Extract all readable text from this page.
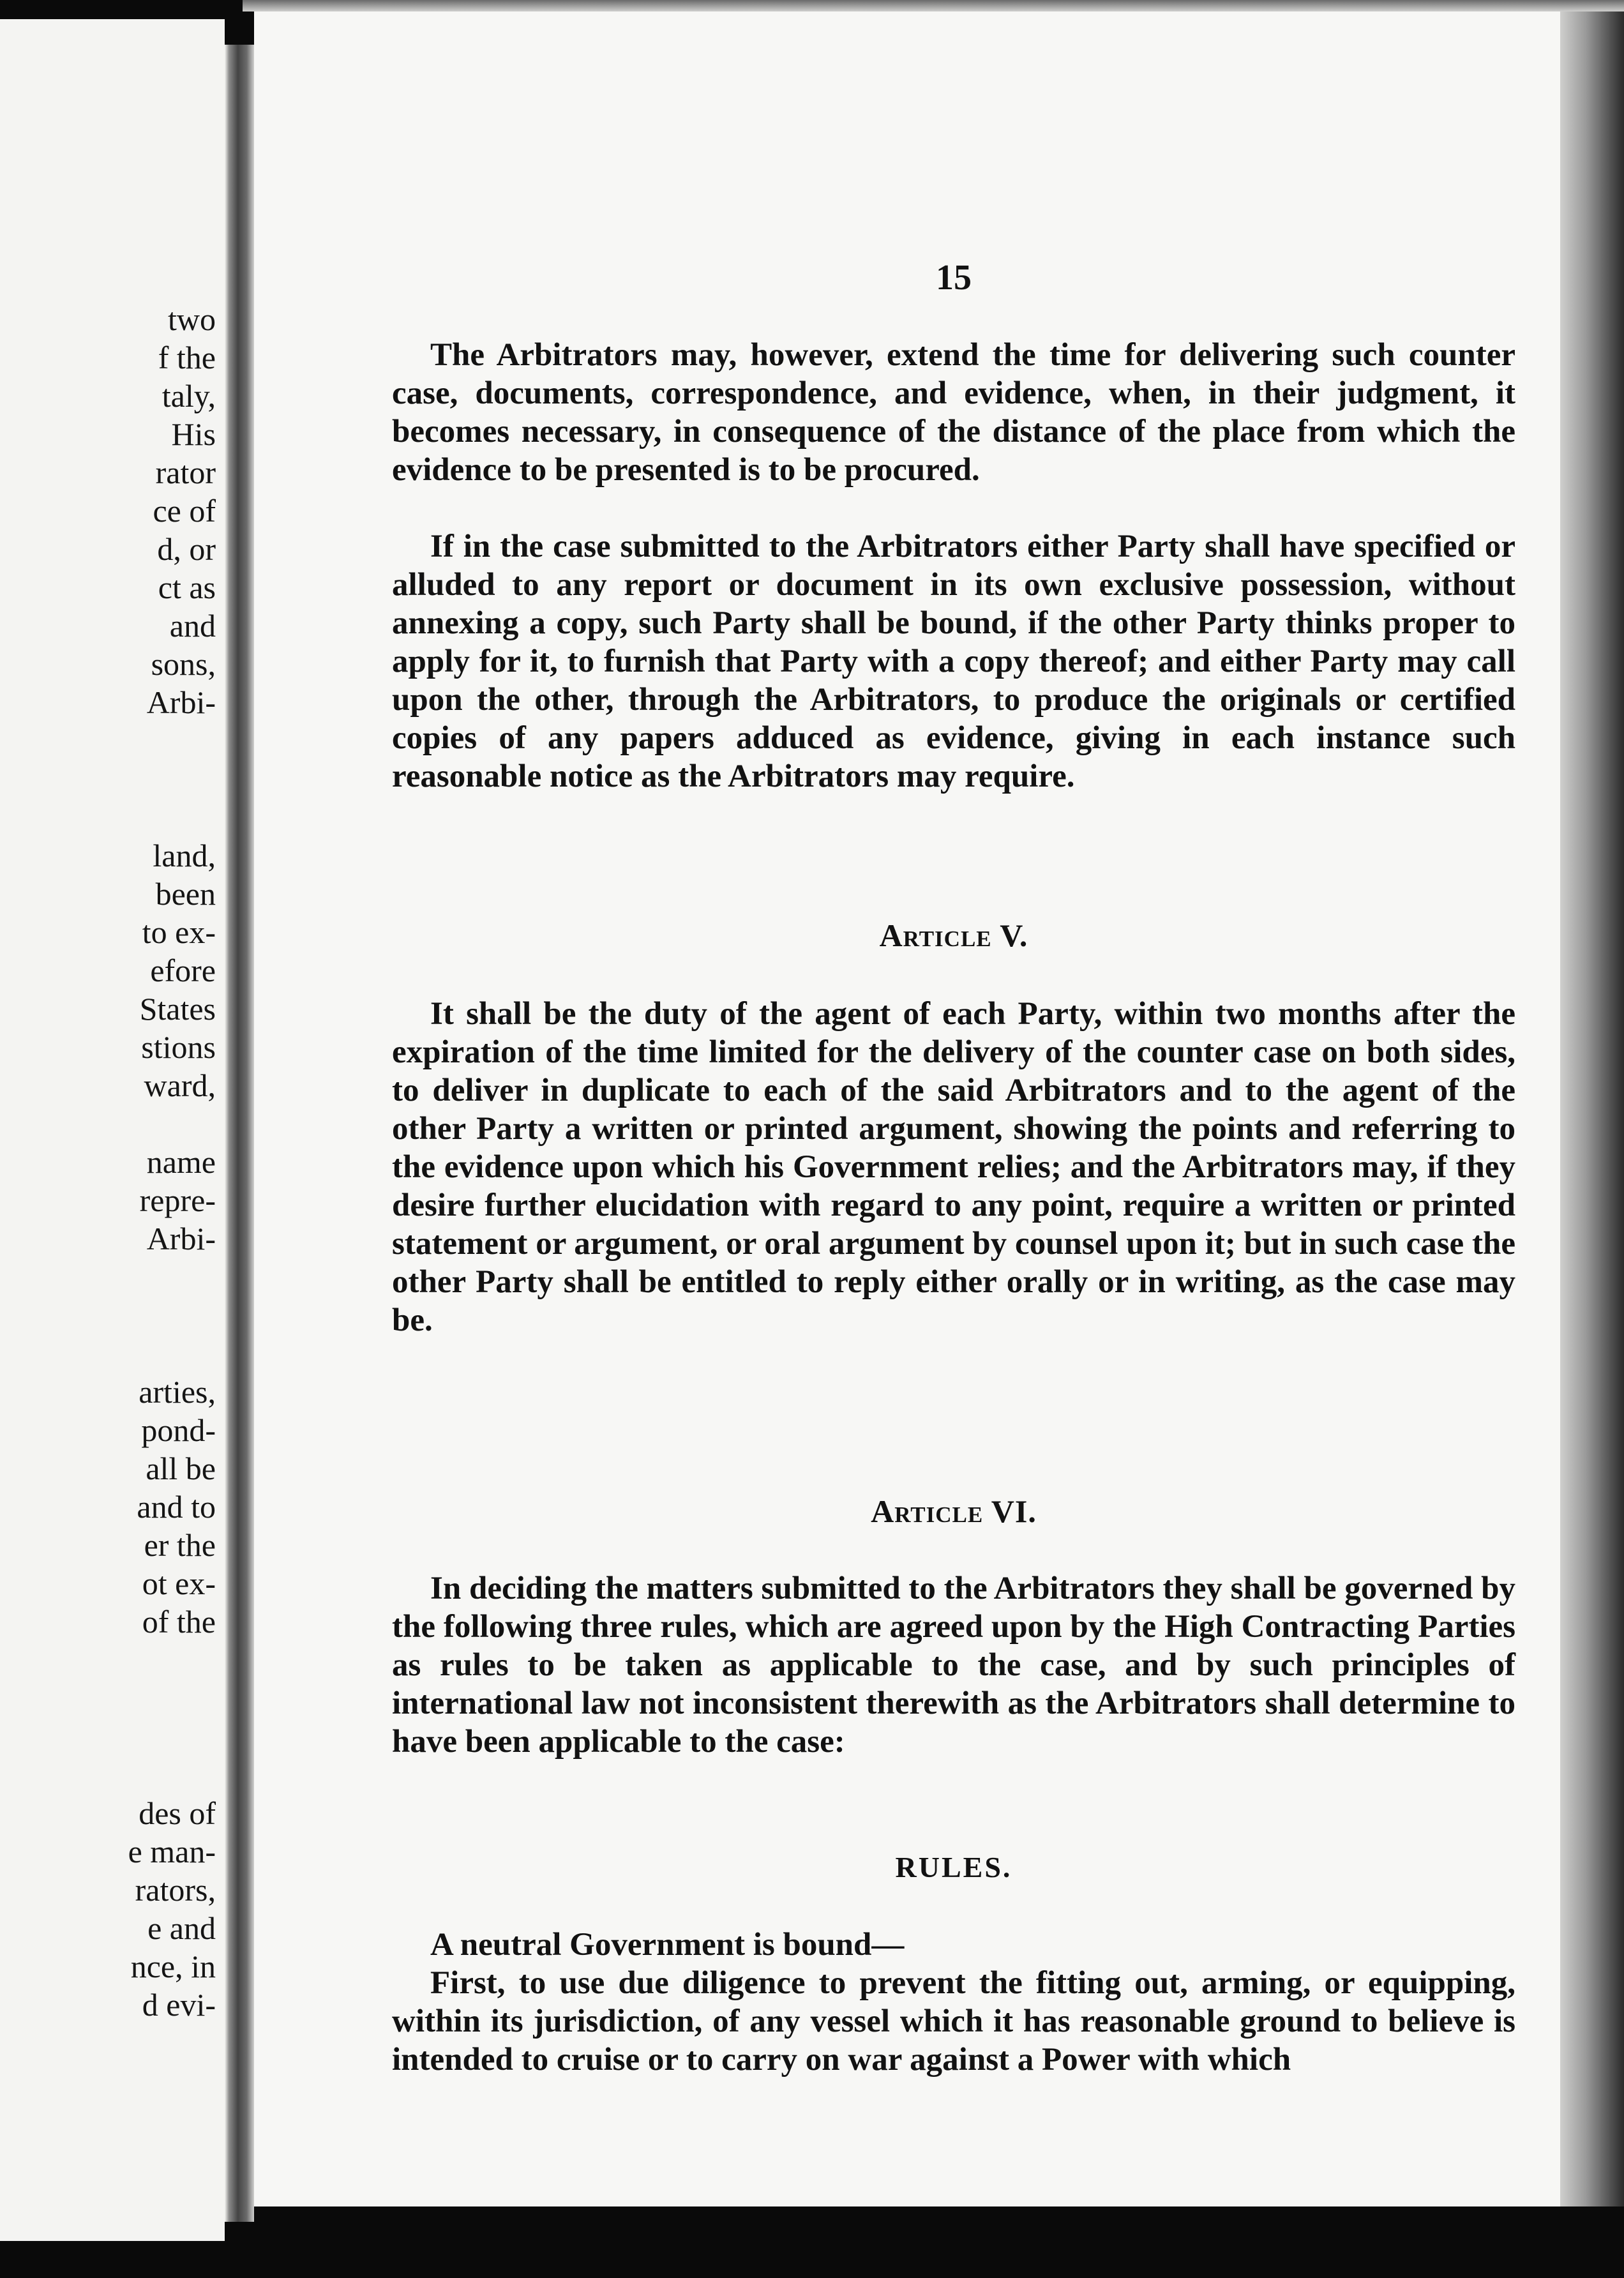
two
f the
taly,
His
rator
ce of
d, or
ct as
and
sons,
Arbi-

land,
been
to ex-
efore
States
stions
ward,

name
repre-
Arbi-

arties,
pond-
all be
and to
er the
ot ex-
of the

des of
e man-
rators,
e and
nce, in
d evi-
15
The Arbitrators may, however, extend the time for delivering such counter case, documents, correspondence, and evidence, when, in their judgment, it becomes necessary, in consequence of the distance of the place from which the evidence to be presented is to be procured.
If in the case submitted to the Arbitrators either Party shall have specified or alluded to any report or document in its own exclusive possession, without annexing a copy, such Party shall be bound, if the other Party thinks proper to apply for it, to furnish that Party with a copy thereof; and either Party may call upon the other, through the Arbitrators, to produce the originals or certified copies of any papers adduced as evidence, giving in each instance such reasonable notice as the Arbitrators may require.
Article V.
It shall be the duty of the agent of each Party, within two months after the expiration of the time limited for the delivery of the counter case on both sides, to deliver in duplicate to each of the said Arbitrators and to the agent of the other Party a written or printed argument, showing the points and referring to the evidence upon which his Government relies; and the Arbitrators may, if they desire further elucidation with regard to any point, require a written or printed statement or argument, or oral argument by counsel upon it; but in such case the other Party shall be entitled to reply either orally or in writing, as the case may be.
Article VI.
In deciding the matters submitted to the Arbitrators they shall be governed by the following three rules, which are agreed upon by the High Contracting Parties as rules to be taken as applicable to the case, and by such principles of international law not inconsistent therewith as the Arbitrators shall determine to have been applicable to the case:
RULES.
A neutral Government is bound—
First, to use due diligence to prevent the fitting out, arming, or equipping, within its jurisdiction, of any vessel which it has reasonable ground to believe is intended to cruise or to carry on war against a Power with which
